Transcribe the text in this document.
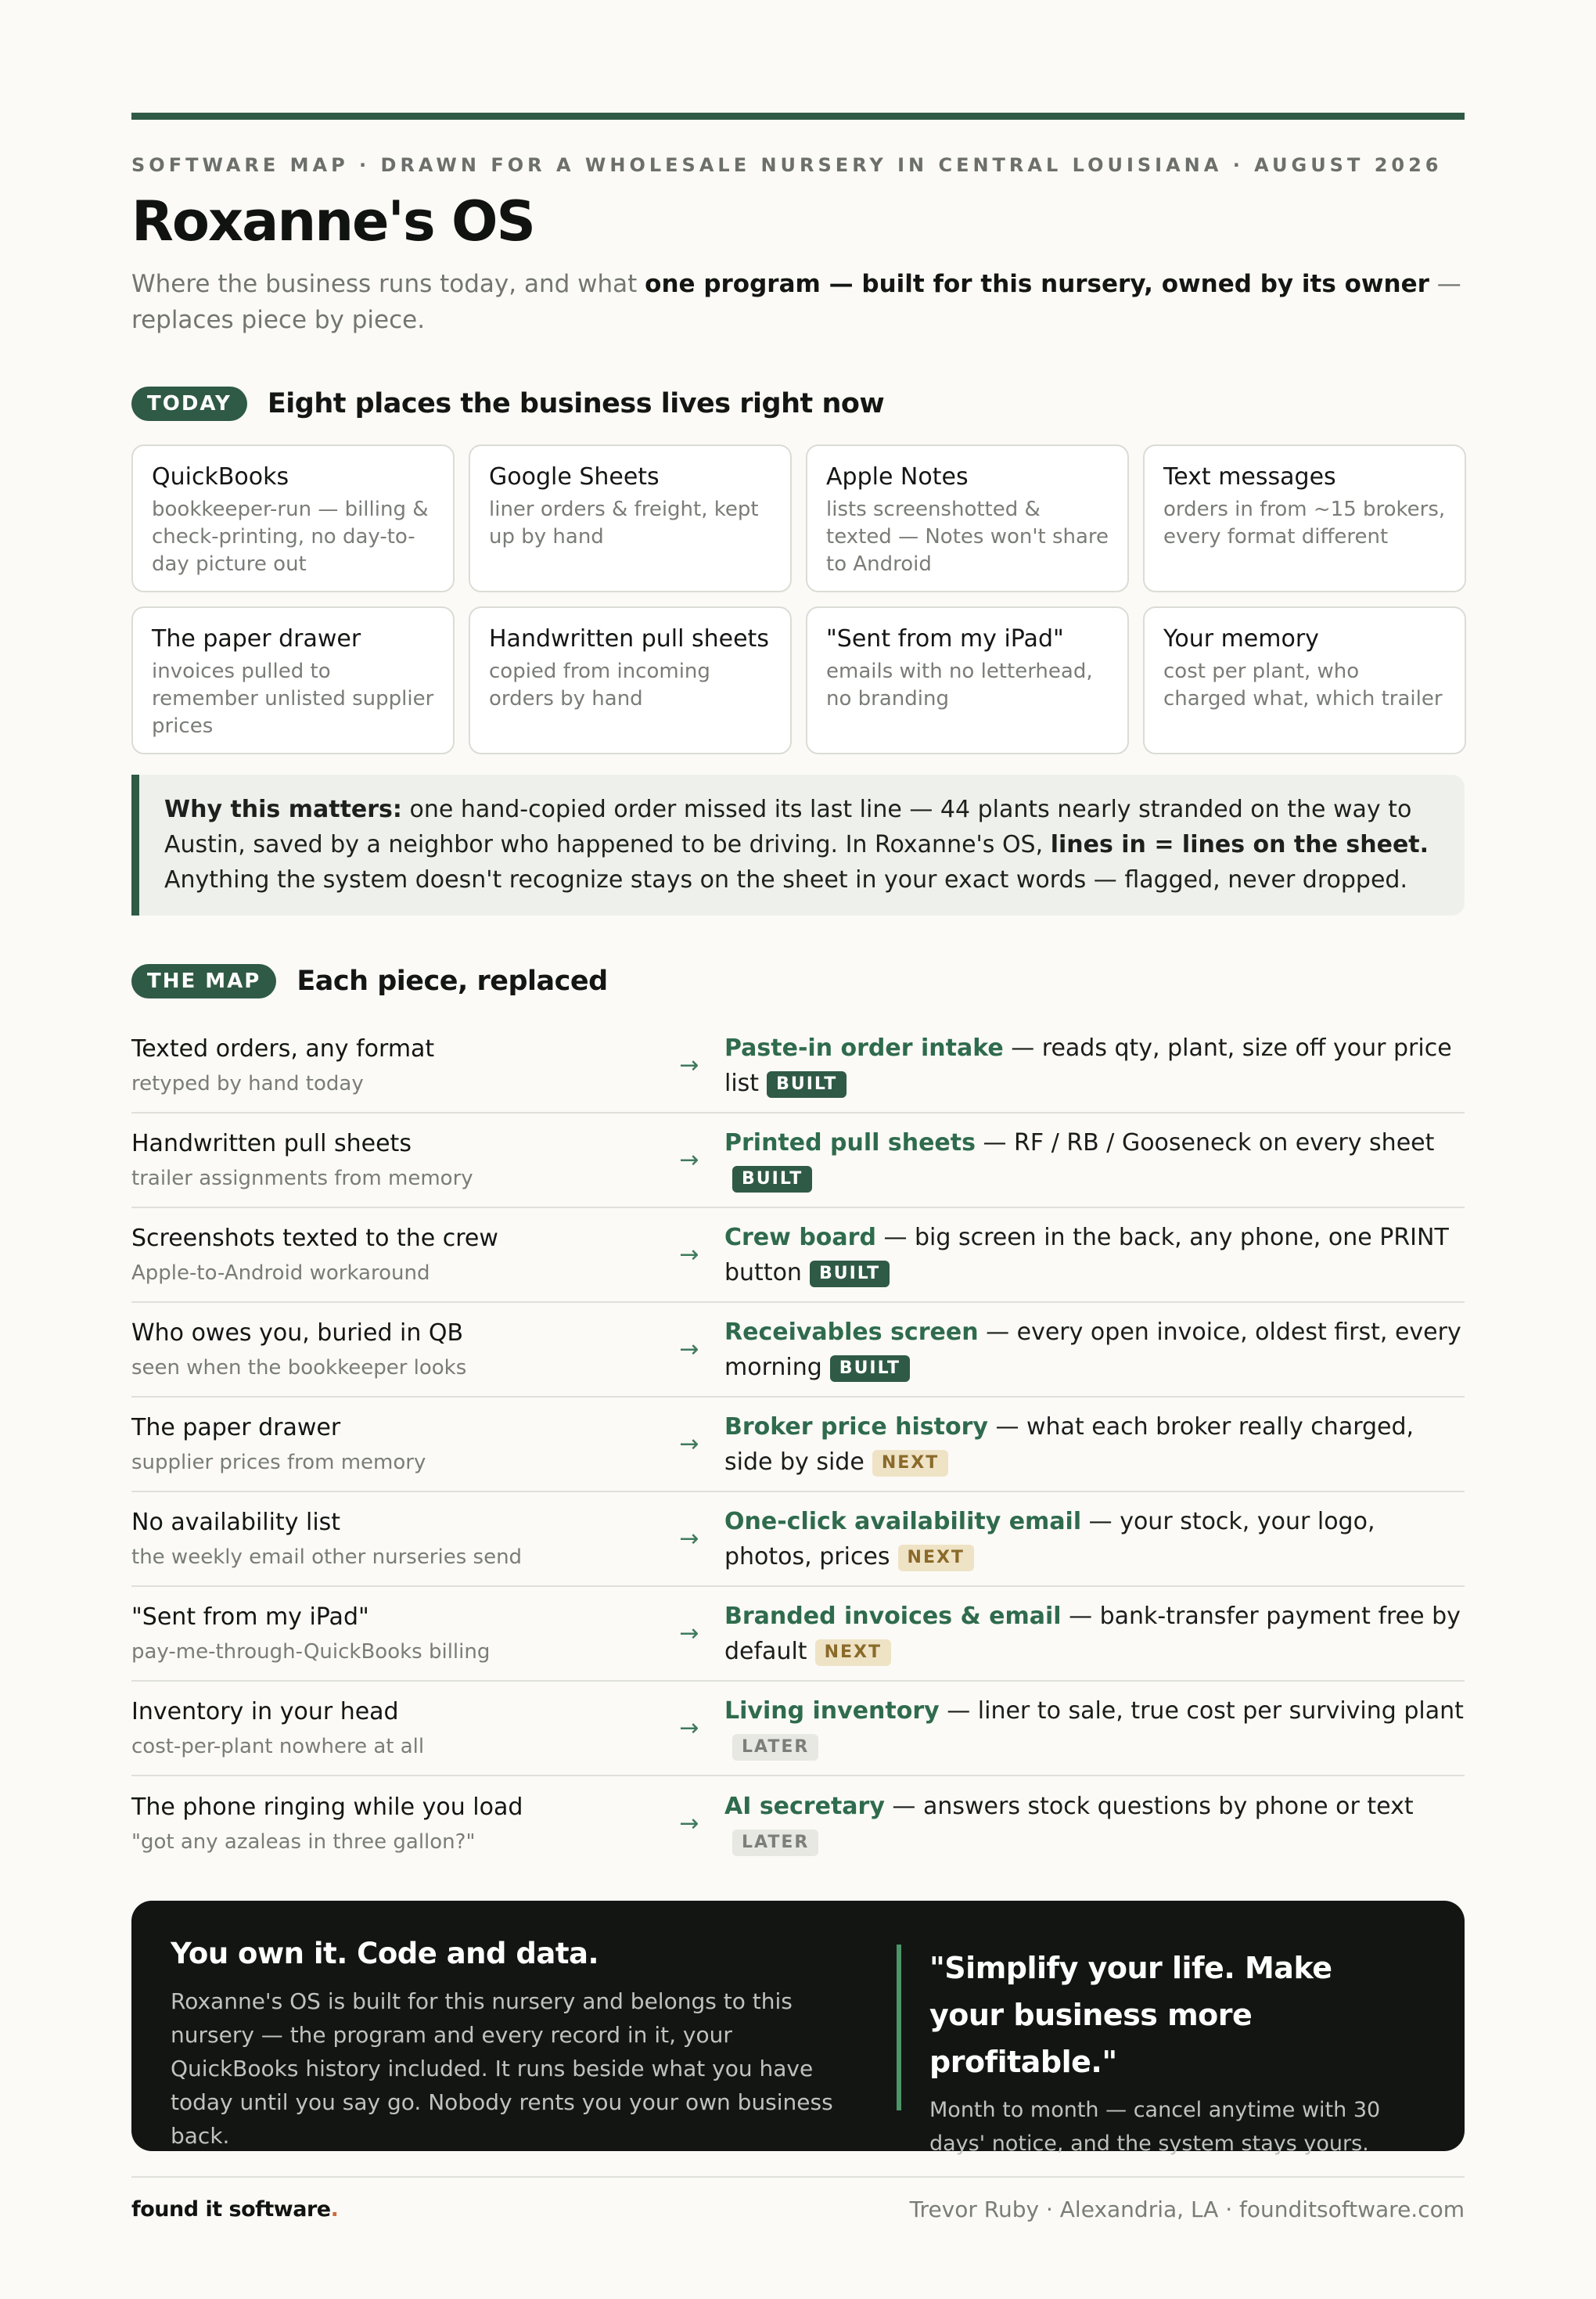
SOFTWARE MAP · DRAWN FOR A WHOLESALE NURSERY IN CENTRAL LOUISIANA · AUGUST 2026
Roxanne's OS
Where the business runs today, and what one program — built for this nursery, owned by its owner — replaces piece by piece.
TODAY	Eight places the business lives right now
QuickBooks
bookkeeper-run — billing & check-printing, no day-to-day picture out
Google Sheets
liner orders & freight, kept up by hand
Apple Notes
lists screenshotted & texted — Notes won't share to Android
Text messages
orders in from ~15 brokers, every format different
The paper drawer
invoices pulled to remember unlisted supplier prices
Handwritten pull sheets
copied from incoming orders by hand
"Sent from my iPad"
emails with no letterhead, no branding
Your memory
cost per plant, who charged what, which trailer
Why this matters: one hand-copied order missed its last line — 44 plants nearly stranded on the way to Austin, saved by a neighbor who happened to be driving. In Roxanne's OS, lines in = lines on the sheet. Anything the system doesn't recognize stays on the sheet in your exact words — flagged, never dropped.
THE MAP	Each piece, replaced
Texted orders, any format
retyped by hand today
→
Paste-in order intake — reads qty, plant, size off your price list BUILT
Handwritten pull sheets
trailer assignments from memory
→
Printed pull sheets — RF / RB / Gooseneck on every sheetBUILT
Screenshots texted to the crew
Apple-to-Android workaround
→
Crew board — big screen in the back, any phone, one PRINT button BUILT
Who owes you, buried in QB
seen when the bookkeeper looks
→
Receivables screen — every open invoice, oldest first, every morning BUILT
The paper drawer
supplier prices from memory
→
Broker price history — what each broker really charged, side by side NEXT
No availability list
the weekly email other nurseries send
→
One-click availability email — your stock, your logo, photos, prices NEXT
"Sent from my iPad"
pay-me-through-QuickBooks billing
→
Branded invoices & email — bank-transfer payment free by default NEXT
Inventory in your head
cost-per-plant nowhere at all
→
Living inventory — liner to sale, true cost per surviving plantLATER
The phone ringing while you load
"got any azaleas in three gallon?"
→
AI secretary — answers stock questions by phone or textLATER
You own it. Code and data.
Roxanne's OS is built for this nursery and belongs to this nursery — the program and every record in it, your QuickBooks history included. It runs beside what you have today until you say go. Nobody rents you your own business back.
"Simplify your life. Make your business more profitable."
Month to month — cancel anytime with 30 days' notice, and the system stays yours.
found it software.	Trevor Ruby · Alexandria, LA · founditsoftware.com
